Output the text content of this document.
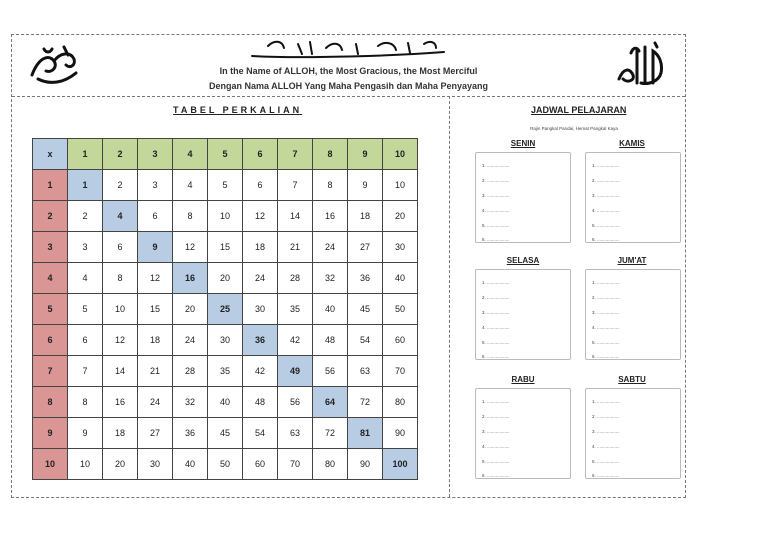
In the Name of ALLOH, the Most Gracious, the Most Merciful
Dengan Nama ALLOH Yang Maha Pengasih dan Maha Penyayang
TABEL PERKALIAN
x	1	2	3	4	5	6	7	8	9	10
1	1	2	3	4	5	6	7	8	9	10
2	2	4	6	8	10	12	14	16	18	20
3	3	6	9	12	15	18	21	24	27	30
4	4	8	12	16	20	24	28	32	36	40
5	5	10	15	20	25	30	35	40	45	50
6	6	12	18	24	30	36	42	48	54	60
7	7	14	21	28	35	42	49	56	63	70
8	8	16	24	32	40	48	56	64	72	80
9	9	18	27	36	45	54	63	72	81	90
10	10	20	30	40	50	60	70	80	90	100
JADWAL PELAJARAN
Rajin Pangkal Pandai, Hemat Pangkal Kaya
SENIN
1. ..................
2. ..................
3. ..................
4. ..................
5. ..................
6. ..................
KAMIS
1. ..................
2. ..................
3. ..................
4. ..................
5. ..................
6. ..................
SELASA
1. ..................
2. ..................
3. ..................
4. ..................
5. ..................
6. ..................
JUM'AT
1. ..................
2. ..................
3. ..................
4. ..................
5. ..................
6. ..................
RABU
1. ..................
2. ..................
3. ..................
4. ..................
5. ..................
6. ..................
SABTU
1. ..................
2. ..................
3. ..................
4. ..................
5. ..................
6. ..................
